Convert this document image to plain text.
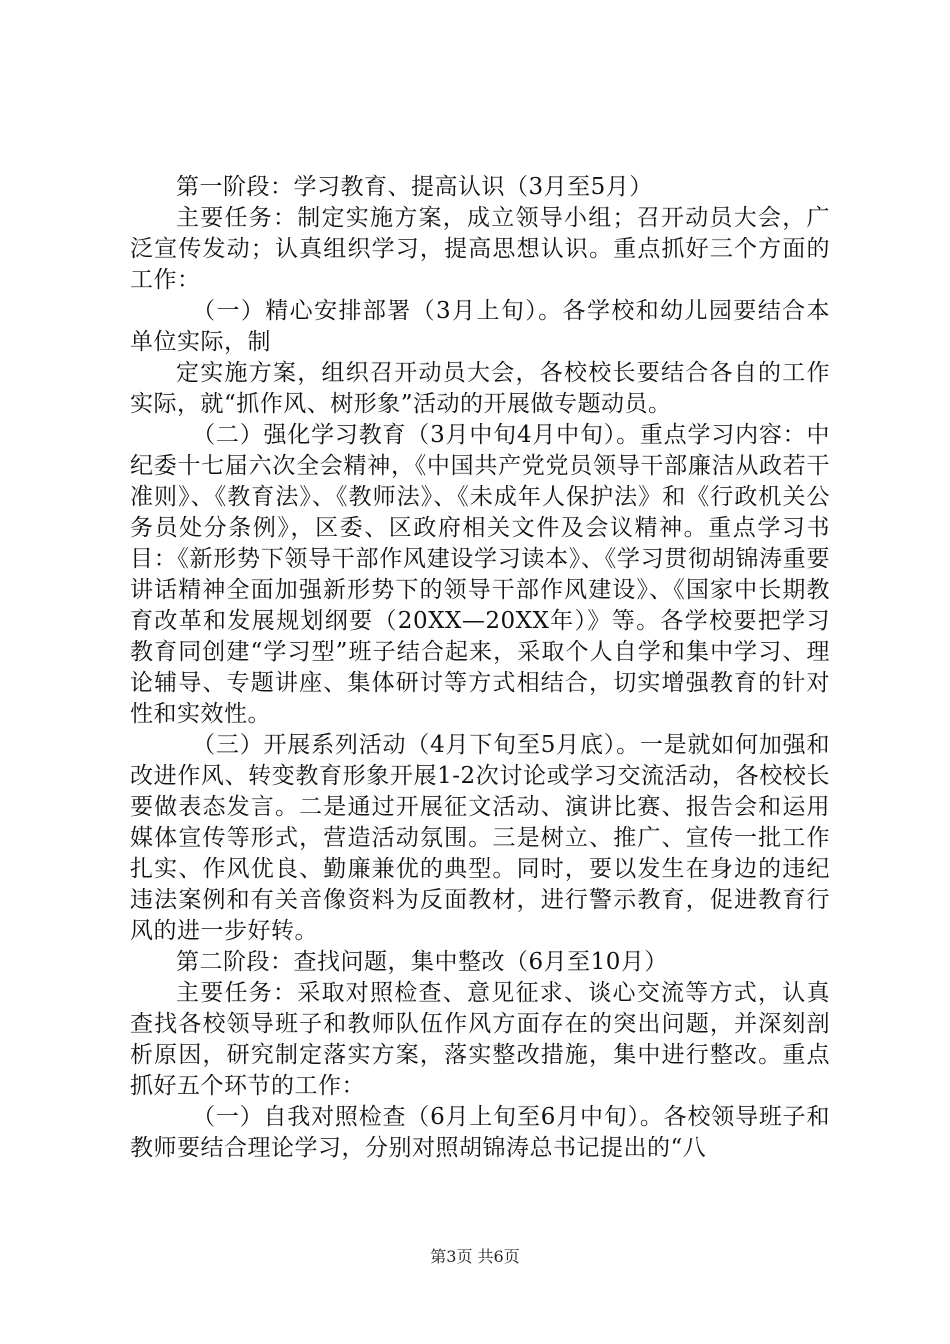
第一阶段：学习教育、提高认识（3月至5月）

主要任务：制定实施方案，成立领导小组；召开动员大会，广泛宣传发动；认真组织学习，提高思想认识。重点抓好三个方面的工作：

（一）精心安排部署（3月上旬）。各学校和幼儿园要结合本单位实际，制

定实施方案，组织召开动员大会，各校校长要结合各自的工作实际，就“抓作风、树形象”活动的开展做专题动员。

（二）强化学习教育（3月中旬4月中旬）。重点学习内容：中纪委十七届六次全会精神，《中国共产党党员领导干部廉洁从政若干准则》、《教育法》、《教师法》、《未成年人保护法》和《行政机关公务员处分条例》，区委、区政府相关文件及会议精神。重点学习书目：《新形势下领导干部作风建设学习读本》、《学习贯彻胡锦涛重要讲话精神全面加强新形势下的领导干部作风建设》、《国家中长期教育改革和发展规划纲要（20XX—20XX年）》等。各学校要把学习教育同创建“学习型”班子结合起来，采取个人自学和集中学习、理论辅导、专题讲座、集体研讨等方式相结合，切实增强教育的针对性和实效性。

（三）开展系列活动（4月下旬至5月底）。一是就如何加强和改进作风、转变教育形象开展1-2次讨论或学习交流活动，各校校长要做表态发言。二是通过开展征文活动、演讲比赛、报告会和运用媒体宣传等形式，营造活动氛围。三是树立、推广、宣传一批工作扎实、作风优良、勤廉兼优的典型。同时，要以发生在身边的违纪违法案例和有关音像资料为反面教材，进行警示教育，促进教育行风的进一步好转。

第二阶段：查找问题，集中整改（6月至10月）

主要任务：采取对照检查、意见征求、谈心交流等方式，认真查找各校领导班子和教师队伍作风方面存在的突出问题，并深刻剖析原因，研究制定落实方案，落实整改措施，集中进行整改。重点抓好五个环节的工作：

（一）自我对照检查（6月上旬至6月中旬）。各校领导班子和教师要结合理论学习，分别对照胡锦涛总书记提出的“八

第3页 共6页
